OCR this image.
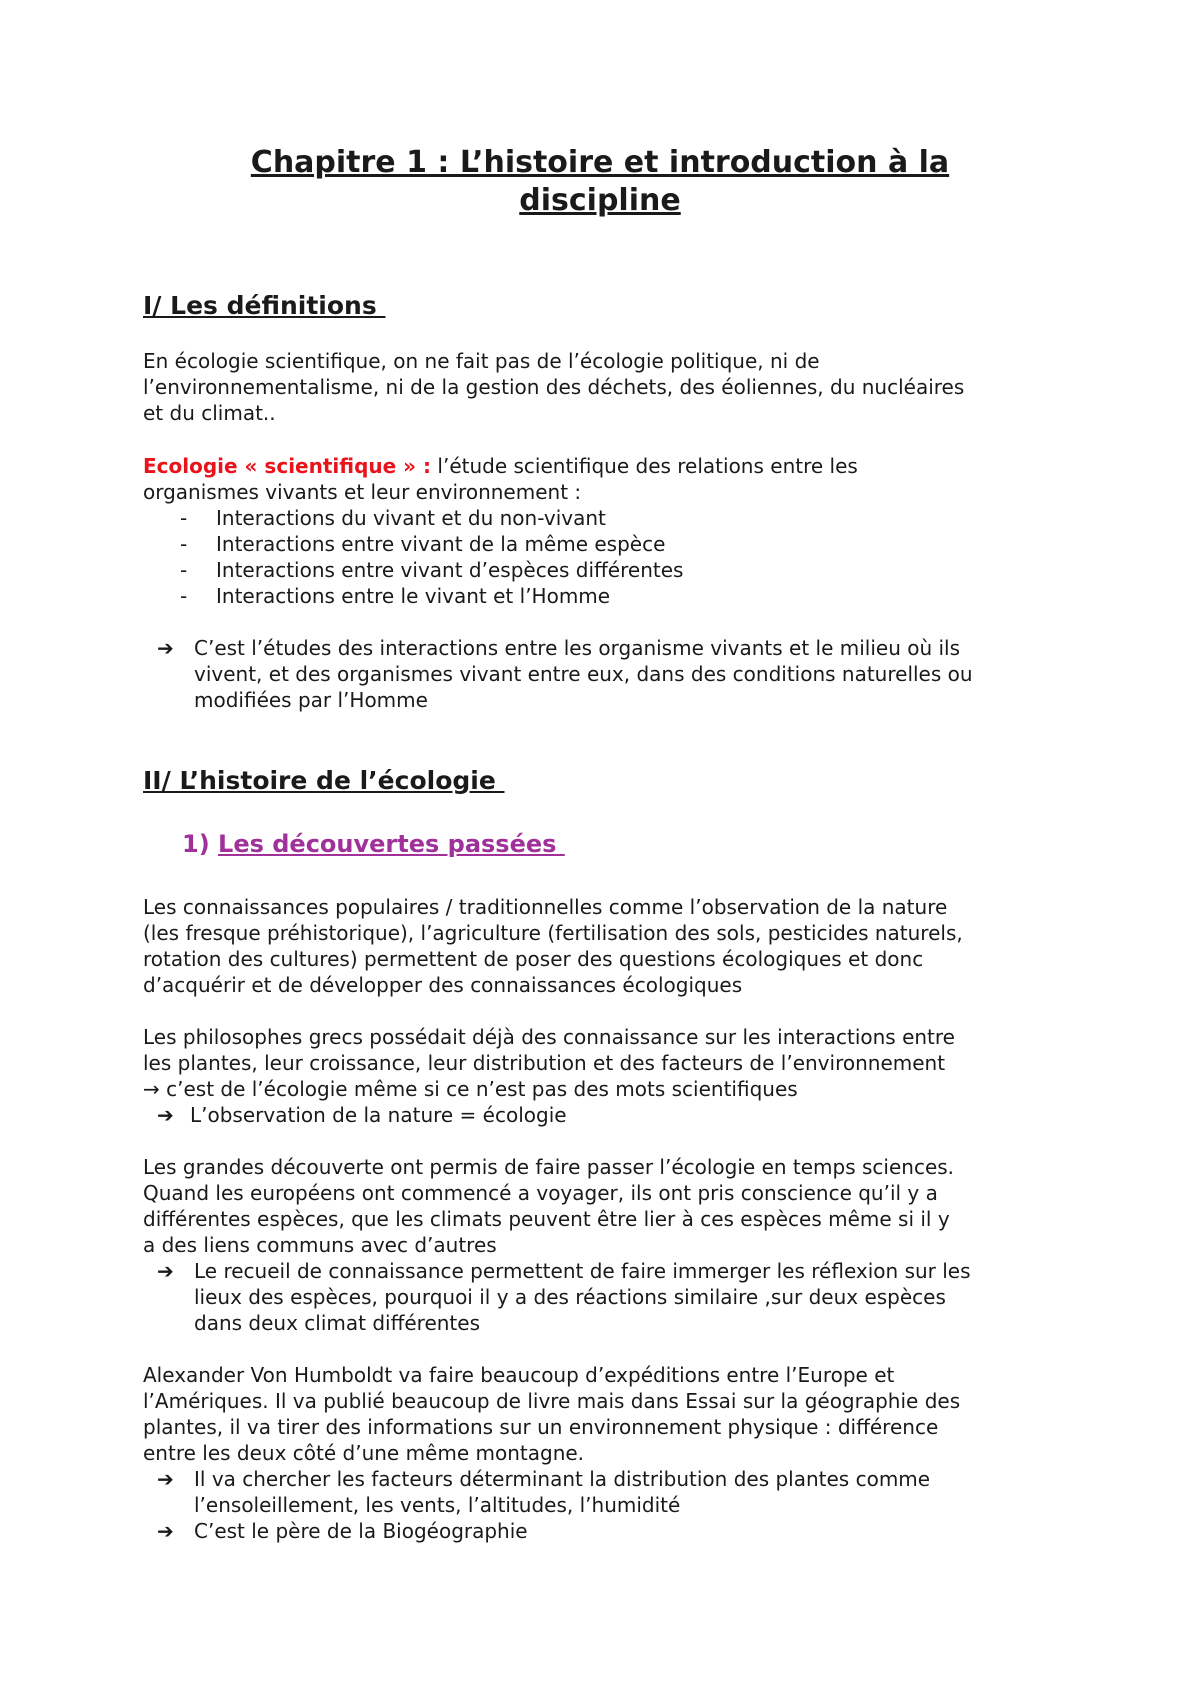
Chapitre 1 : L’histoire et introduction à la
discipline
I/ Les définitions

En écologie scientifique, on ne fait pas de l’écologie politique, ni de
l’environnementalisme, ni de la gestion des déchets, des éoliennes, du nucléaires
et du climat..

Ecologie « scientifique » : l’étude scientifique des relations entre les
organismes vivants et leur environnement :

- Interactions du vivant et du non-vivant
- Interactions entre vivant de la même espèce
- Interactions entre vivant d’espèces différentes
- Interactions entre le vivant et l’Homme
➔ C’est l’études des interactions entre les organisme vivants et le milieu où ils
vivent, et des organismes vivant entre eux, dans des conditions naturelles ou
modifiées par l’Homme
II/ L’histoire de l’écologie
1) Les découvertes passées

Les connaissances populaires / traditionnelles comme l’observation de la nature
(les fresque préhistorique), l’agriculture (fertilisation des sols, pesticides naturels,
rotation des cultures) permettent de poser des questions écologiques et donc
d’acquérir et de développer des connaissances écologiques

Les philosophes grecs possédait déjà des connaissance sur les interactions entre
les plantes, leur croissance, leur distribution et des facteurs de l’environnement
→ c’est de l’écologie même si ce n’est pas des mots scientifiques

➔ L’observation de la nature = écologie

Les grandes découverte ont permis de faire passer l’écologie en temps sciences.
Quand les européens ont commencé a voyager, ils ont pris conscience qu’il y a
différentes espèces, que les climats peuvent être lier à ces espèces même si il y
a des liens communs avec d’autres

➔ Le recueil de connaissance permettent de faire immerger les réflexion sur les
lieux des espèces, pourquoi il y a des réactions similaire ,sur deux espèces
dans deux climat différentes

Alexander Von Humboldt va faire beaucoup d’expéditions entre l’Europe et
l’Amériques. Il va publié beaucoup de livre mais dans Essai sur la géographie des
plantes, il va tirer des informations sur un environnement physique : différence
entre les deux côté d’une même montagne.

➔ Il va chercher les facteurs déterminant la distribution des plantes comme
l’ensoleillement, les vents, l’altitudes, l’humidité
➔ C’est le père de la Biogéographie
